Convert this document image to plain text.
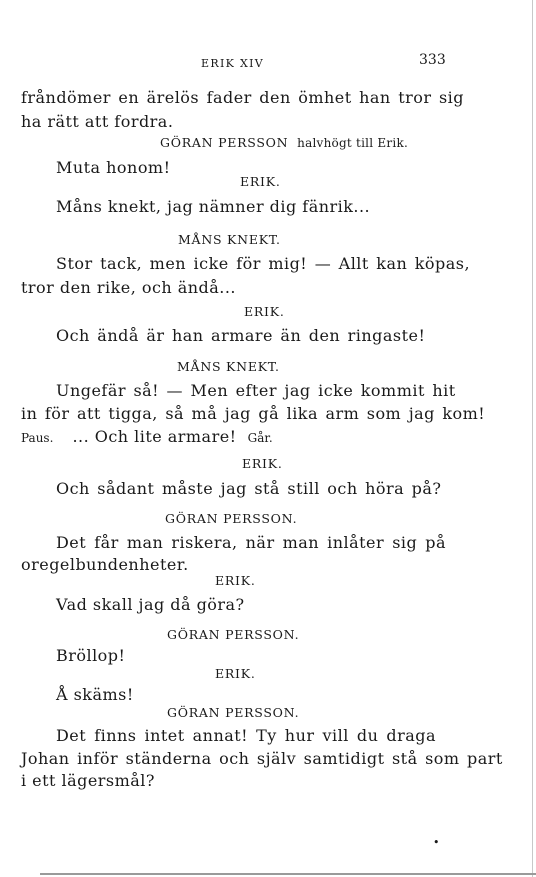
ERIK XIV	333
fråndömer en ärelös fader den ömhet han tror sig
ha rätt att fordra.
GÖRAN PERSSON halvhögt till Erik.
Muta honom!
ERIK.
Måns knekt, jag nämner dig fänrik...
MÅNS KNEKT.
Stor tack, men icke för mig! — Allt kan köpas,
tror den rike, och ändå...
ERIK.
Och ändå är han armare än den ringaste!
MÅNS KNEKT.
Ungefär så! — Men efter jag icke kommit hit
in för att tigga, så må jag gå lika arm som jag kom!
Paus. ... Och lite armare! Går.
ERIK.
Och sådant måste jag stå still och höra på?
GÖRAN PERSSON.
Det får man riskera, när man inlåter sig på
oregelbundenheter.
ERIK.
Vad skall jag då göra?
GÖRAN PERSSON.
Bröllop!
ERIK.
Å skäms!
GÖRAN PERSSON.
Det finns intet annat! Ty hur vill du draga
Johan inför ständerna och själv samtidigt stå som part
i ett lägersmål?
•
